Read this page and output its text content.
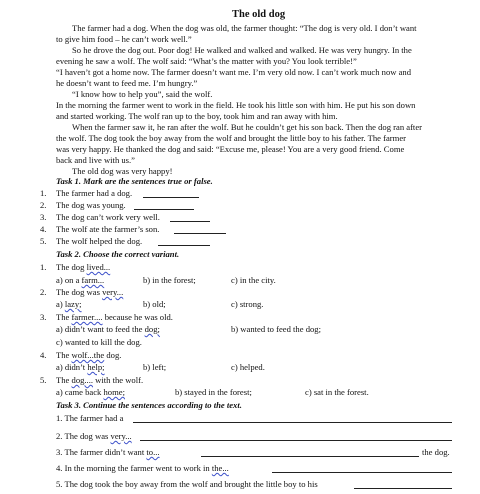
The old dog
The farmer had a dog. When the dog was old, the farmer thought: “The dog is very old. I don’t want
to give him food – he can’t work well.”
So he drove the dog out. Poor dog! He walked and walked and walked. He was very hungry. In the
evening he saw a wolf. The wolf said: “What’s the matter with you? You look terrible!”
“I haven’t got a home now. The farmer doesn’t want me. I’m very old now. I can’t work much now and
he doesn’t want to feed me. I’m hungry.”
“I know how to help you”, said the wolf.
In the morning the farmer went to work in the field. He took his little son with him. He put his son down
and started working. The wolf ran up to the boy, took him and ran away with him.
When the farmer saw it, he ran after the wolf. But he couldn’t get his son back. Then the dog ran after
the wolf. The dog took the boy away from the wolf and brought the little boy to his father. The farmer
was very happy. He thanked the dog and said: “Excuse me, please! You are a very good friend. Come
back and live with us.”
The old dog was very happy!
Task 1. Mark are the sentences true or false.
1. The farmer had a dog.
2. The dog was young.
3. The dog can’t work very well.
4. The wolf ate the farmer’s son.
5. The wolf helped the dog.
Task 2. Choose the correct variant.
1. The dog lived...
a) on a farm...	b) in the forest;	c) in the city.
2. The dog was very...
a) lazy;	b) old;	c) strong.
3. The farmer.... because he was old.
a) didn’t want to feed the dog;	b) wanted to feed the dog;
c) wanted to kill the dog.
4. The wolf...the dog.
a) didn’t help;	b) left;	c) helped.
5. The dog.... with the wolf.
a) came back home;	b) stayed in the forest;	c) sat in the forest.
Task 3. Continue the sentences according to the text.
1. The farmer had a
2. The dog was very...
3. The farmer didn’t want to...	the dog.
4. In the morning the farmer went to work in the...
5. The dog took the boy away from the wolf and brought the little boy to his
